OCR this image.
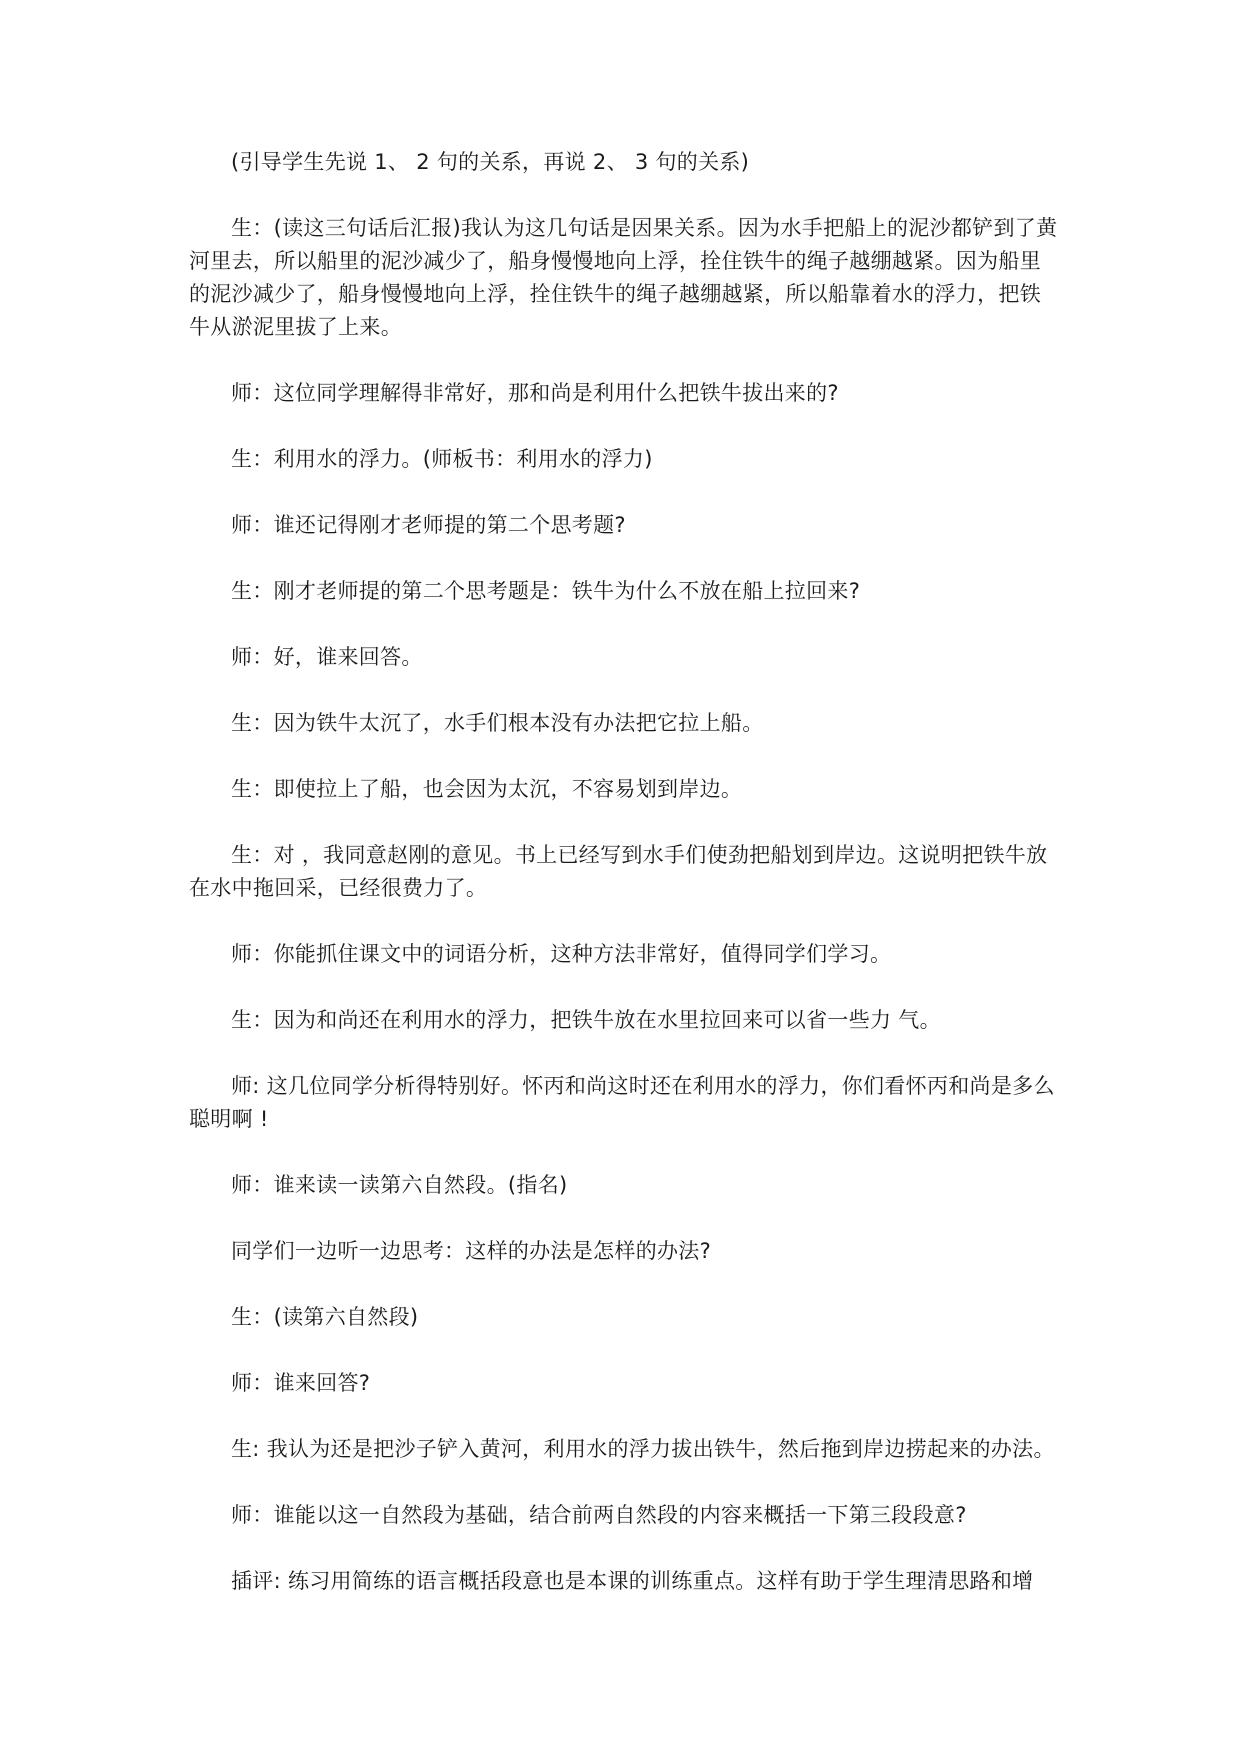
(引导学生先说 1、 2 句的关系，再说 2、 3 句的关系)

生：(读这三句话后汇报)我认为这几句话是因果关系。因为水手把船上的泥沙都铲到了黄河里去，所以船里的泥沙减少了，船身慢慢地向上浮，拴住铁牛的绳子越绷越紧。因为船里的泥沙减少了，船身慢慢地向上浮，拴住铁牛的绳子越绷越紧，所以船靠着水的浮力，把铁牛从淤泥里拔了上来。

师：这位同学理解得非常好，那和尚是利用什么把铁牛拔出来的?

生：利用水的浮力。(师板书：利用水的浮力)

师：谁还记得刚才老师提的第二个思考题?

生：刚才老师提的第二个思考题是：铁牛为什么不放在船上拉回来?

师：好，谁来回答。

生：因为铁牛太沉了，水手们根本没有办法把它拉上船。

生：即使拉上了船，也会因为太沉，不容易划到岸边。

生：对 ，我同意赵刚的意见。书上已经写到水手们使劲把船划到岸边。这说明把铁牛放在水中拖回采，已经很费力了。

师：你能抓住课文中的词语分析，这种方法非常好，值得同学们学习。

生：因为和尚还在利用水的浮力，把铁牛放在水里拉回来可以省一些力 气。

师: 这几位同学分析得特别好。怀丙和尚这时还在利用水的浮力，你们看怀丙和尚是多么聪明啊 !

师：谁来读一读第六自然段。(指名)

同学们一边听一边思考：这样的办法是怎样的办法?

生：(读第六自然段)

师：谁来回答?

生: 我认为还是把沙子铲入黄河，利用水的浮力拔出铁牛，然后拖到岸边捞起来的办法。

师：谁能以这一自然段为基础，结合前两自然段的内容来概括一下第三段段意?

插评: 练习用简练的语言概括段意也是本课的训练重点。这样有助于学生理清思路和增
